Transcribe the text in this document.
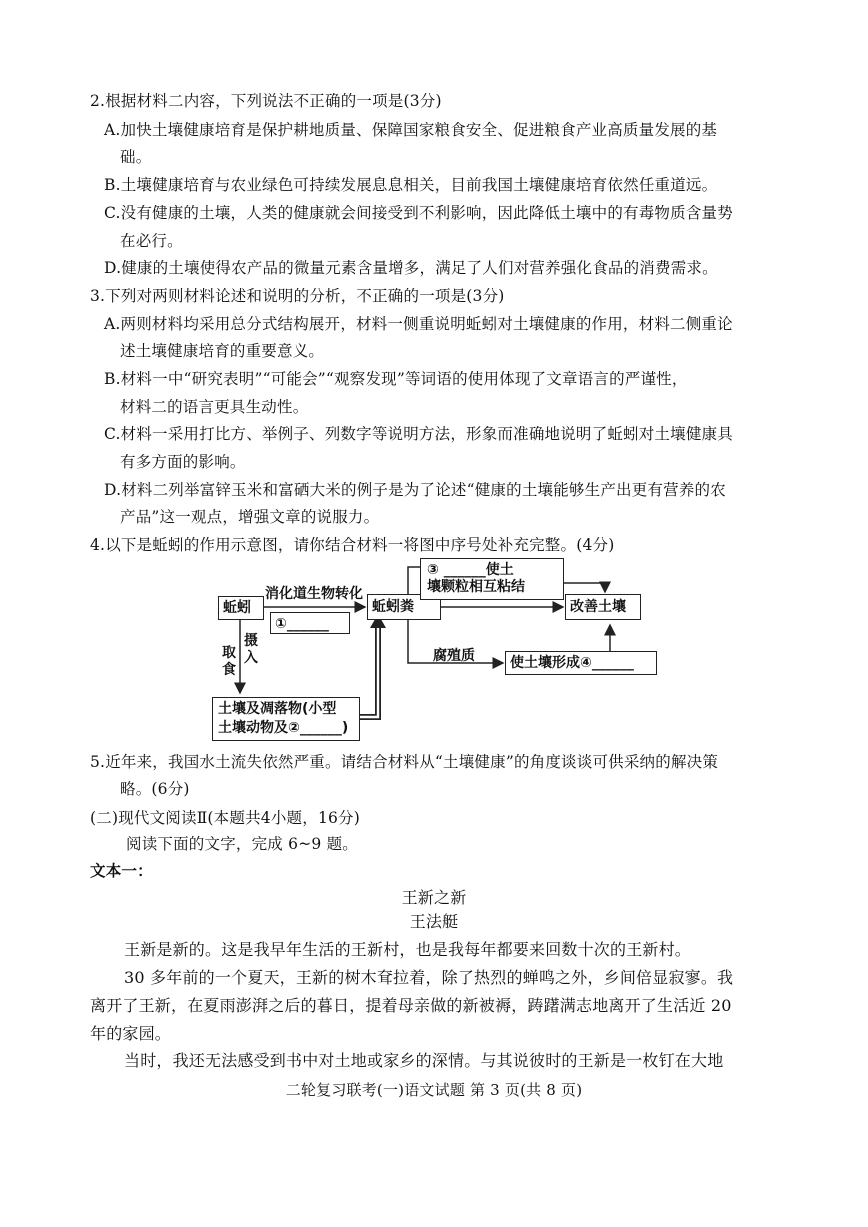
2.根据材料二内容，下列说法不正确的一项是(3分)
A.加快土壤健康培育是保护耕地质量、保障国家粮食安全、促进粮食产业高质量发展的基
础。
B.土壤健康培育与农业绿色可持续发展息息相关，目前我国土壤健康培育依然任重道远。
C.没有健康的土壤，人类的健康就会间接受到不利影响，因此降低土壤中的有毒物质含量势
在必行。
D.健康的土壤使得农产品的微量元素含量增多，满足了人们对营养强化食品的消费需求。
3.下列对两则材料论述和说明的分析，不正确的一项是(3分)
A.两则材料均采用总分式结构展开，材料一侧重说明蚯蚓对土壤健康的作用，材料二侧重论
述土壤健康培育的重要意义。
B.材料一中“研究表明”“可能会”“观察发现”等词语的使用体现了文章语言的严谨性，
材料二的语言更具生动性。
C.材料一采用打比方、举例子、列数字等说明方法，形象而准确地说明了蚯蚓对土壤健康具
有多方面的影响。
D.材料二列举富锌玉米和富硒大米的例子是为了论述“健康的土壤能够生产出更有营养的农
产品”这一观点，增强文章的说服力。
4.以下是蚯蚓的作用示意图，请你结合材料一将图中序号处补充完整。(4分)
蚯蚓
消化道生物转化
①______
蚯蚓粪
③ ______使土
壤颗粒相互粘结
改善土壤
腐殖质	使土壤形成④______
取食
摄入
土壤及凋落物(小型
土壤动物及②______)
5.近年来，我国水土流失依然严重。请结合材料从“土壤健康”的角度谈谈可供采纳的解决策
略。(6分)
(二)现代文阅读Ⅱ(本题共4小题，16分)
阅读下面的文字，完成 6~9 题。
文本一：
王新之新
王法艇
王新是新的。这是我早年生活的王新村，也是我每年都要来回数十次的王新村。
30 多年前的一个夏天，王新的树木耷拉着，除了热烈的蝉鸣之外，乡间倍显寂寥。我
离开了王新，在夏雨澎湃之后的暮日，提着母亲做的新被褥，踌躇满志地离开了生活近 20
年的家园。
当时，我还无法感受到书中对土地或家乡的深情。与其说彼时的王新是一枚钉在大地
二轮复习联考(一)语文试题 第 3 页(共 8 页)
